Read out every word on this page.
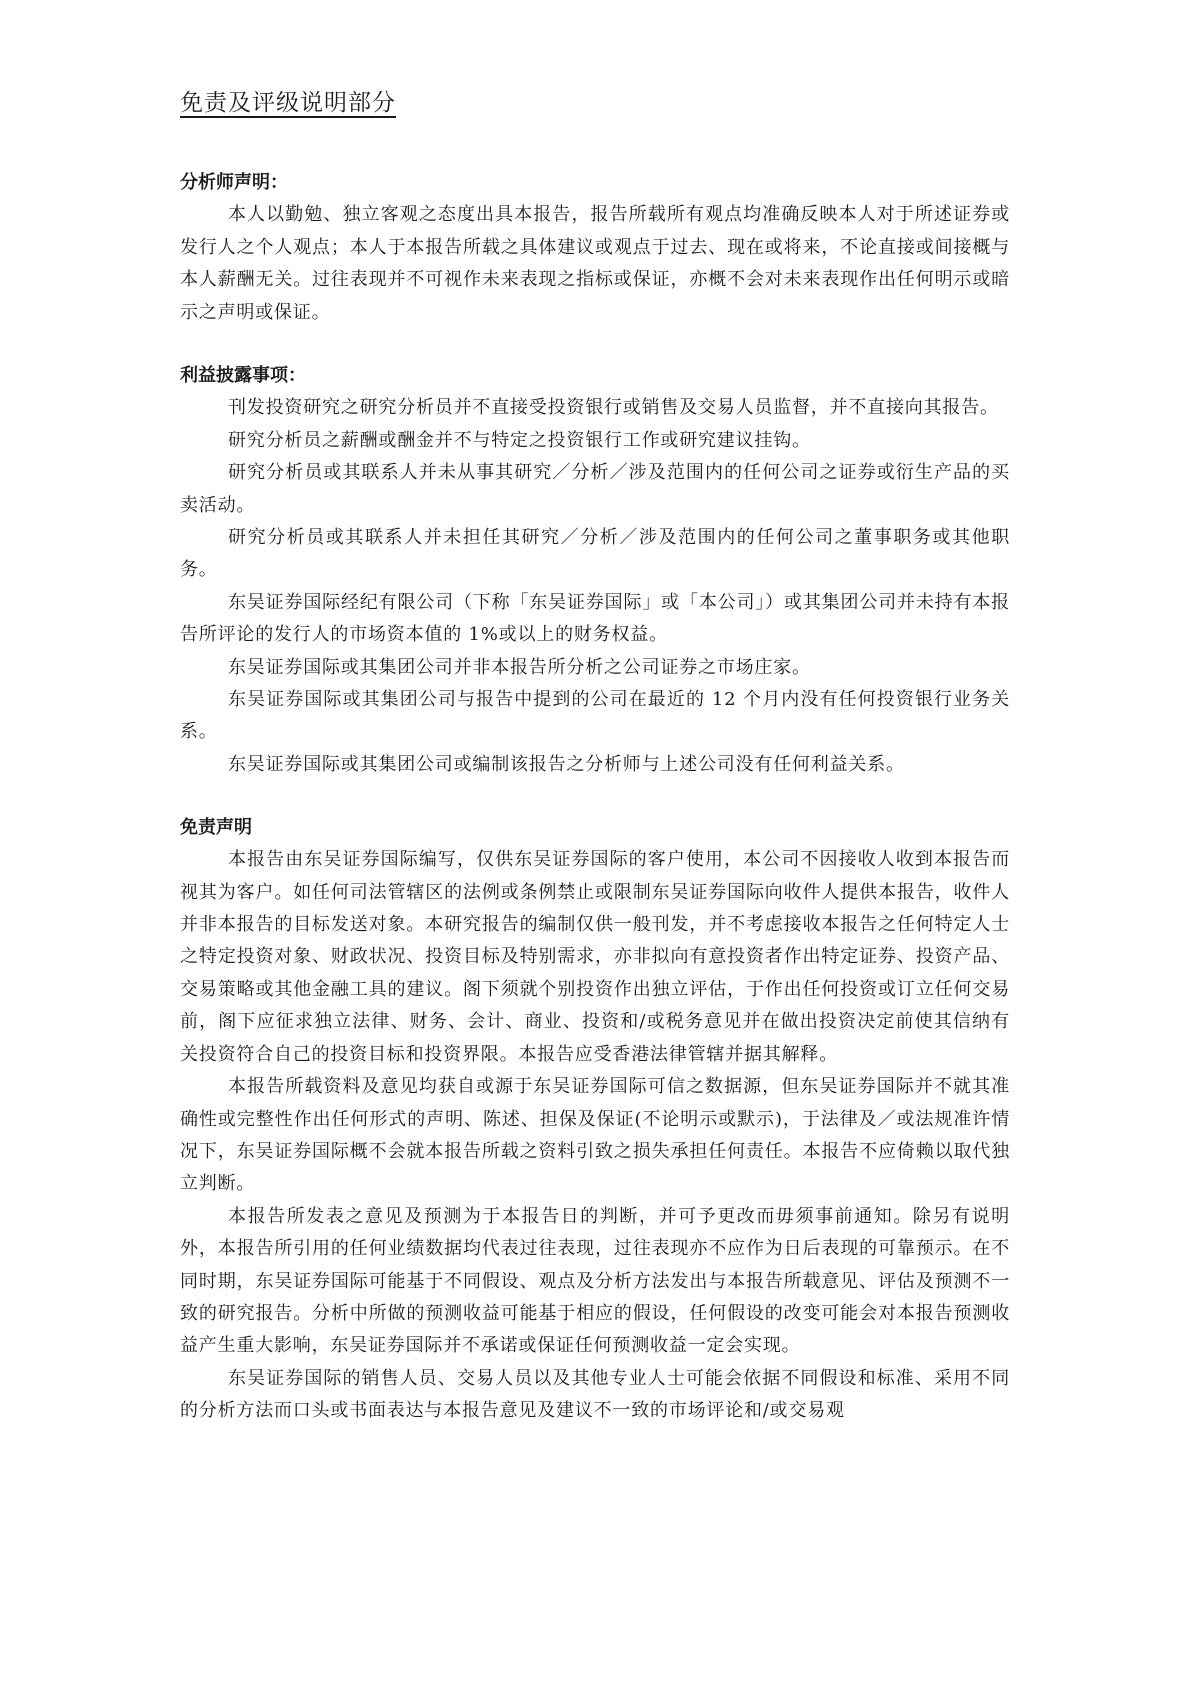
免责及评级说明部分

分析师声明：

本人以勤勉、独立客观之态度出具本报告，报告所载所有观点均准确反映本人对于所述证券或发行人之个人观点；本人于本报告所载之具体建议或观点于过去、现在或将来，不论直接或间接概与本人薪酬无关。过往表现并不可视作未来表现之指标或保证，亦概不会对未来表现作出任何明示或暗示之声明或保证。

利益披露事项：

刊发投资研究之研究分析员并不直接受投资银行或销售及交易人员监督，并不直接向其报告。

研究分析员之薪酬或酬金并不与特定之投资银行工作或研究建议挂钩。

研究分析员或其联系人并未从事其研究／分析／涉及范围内的任何公司之证券或衍生产品的买卖活动。

研究分析员或其联系人并未担任其研究／分析／涉及范围内的任何公司之董事职务或其他职务。

东吴证券国际经纪有限公司（下称「东吴证券国际」或「本公司」）或其集团公司并未持有本报告所评论的发行人的市场资本值的 1%或以上的财务权益。

东吴证券国际或其集团公司并非本报告所分析之公司证券之市场庄家。

东吴证券国际或其集团公司与报告中提到的公司在最近的 12 个月内没有任何投资银行业务关系。

东吴证券国际或其集团公司或编制该报告之分析师与上述公司没有任何利益关系。

免责声明

本报告由东吴证券国际编写，仅供东吴证券国际的客户使用，本公司不因接收人收到本报告而视其为客户。如任何司法管辖区的法例或条例禁止或限制东吴证券国际向收件人提供本报告，收件人并非本报告的目标发送对象。本研究报告的编制仅供一般刊发，并不考虑接收本报告之任何特定人士之特定投资对象、财政状况、投资目标及特别需求，亦非拟向有意投资者作出特定证券、投资产品、交易策略或其他金融工具的建议。阁下须就个别投资作出独立评估，于作出任何投资或订立任何交易前，阁下应征求独立法律、财务、会计、商业、投资和/或税务意见并在做出投资决定前使其信纳有关投资符合自己的投资目标和投资界限。本报告应受香港法律管辖并据其解释。

本报告所载资料及意见均获自或源于东吴证券国际可信之数据源，但东吴证券国际并不就其准确性或完整性作出任何形式的声明、陈述、担保及保证(不论明示或默示)，于法律及／或法规准许情况下，东吴证券国际概不会就本报告所载之资料引致之损失承担任何责任。本报告不应倚赖以取代独立判断。

本报告所发表之意见及预测为于本报告日的判断，并可予更改而毋须事前通知。除另有说明外，本报告所引用的任何业绩数据均代表过往表现，过往表现亦不应作为日后表现的可靠预示。在不同时期，东吴证券国际可能基于不同假设、观点及分析方法发出与本报告所载意见、评估及预测不一致的研究报告。分析中所做的预测收益可能基于相应的假设，任何假设的改变可能会对本报告预测收益产生重大影响，东吴证券国际并不承诺或保证任何预测收益一定会实现。

东吴证券国际的销售人员、交易人员以及其他专业人士可能会依据不同假设和标准、采用不同的分析方法而口头或书面表达与本报告意见及建议不一致的市场评论和/或交易观
